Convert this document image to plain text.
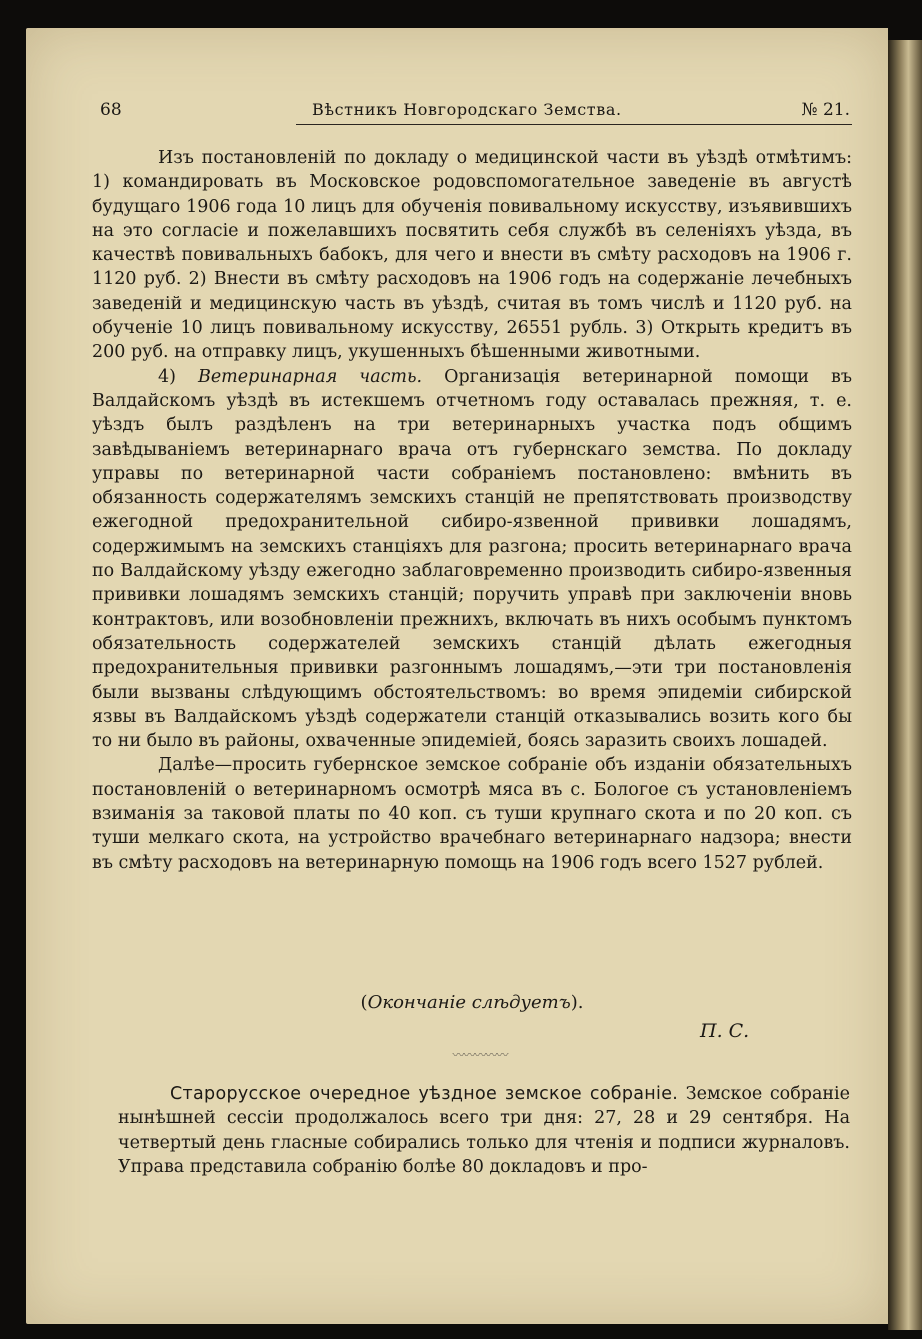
68	Вѣстникъ Новгородскаго Земства.	№ 21.

Изъ постановленій по докладу о медицинской части въ уѣздѣ отмѣтимъ: 1) командировать въ Московское родовспомогательное заведеніе въ августѣ будущаго 1906 года 10 лицъ для обученія повивальному искусству, изъявившихъ на это согласіе и пожелавшихъ посвятить себя службѣ въ селеніяхъ уѣзда, въ качествѣ повивальныхъ бабокъ, для чего и внести въ смѣту расходовъ на 1906 г. 1120 руб. 2) Внести въ смѣту расходовъ на 1906 годъ на содержаніе лечебныхъ заведеній и медицинскую часть въ уѣздѣ, считая въ томъ числѣ и 1120 руб. на обученіе 10 лицъ повивальному искусству, 26551 рубль. 3) Открыть кредитъ въ 200 руб. на отправку лицъ, укушенныхъ бѣшенными животными.

4) Ветеринарная часть. Организація ветеринарной помощи въ Валдайскомъ уѣздѣ въ истекшемъ отчетномъ году оставалась прежняя, т. е. уѣздъ былъ раздѣленъ на три ветеринарныхъ участка подъ общимъ завѣдываніемъ ветеринарнаго врача отъ губернскаго земства. По докладу управы по ветеринарной части собраніемъ постановлено: вмѣнить въ обязанность содержателямъ земскихъ станцій не препятствовать производству ежегодной предохранительной сибиро-язвенной прививки лошадямъ, содержимымъ на земскихъ станціяхъ для разгона; просить ветеринарнаго врача по Валдайскому уѣзду ежегодно заблаговременно производить сибиро-язвенныя прививки лошадямъ земскихъ станцій; поручить управѣ при заключеніи вновь контрактовъ, или возобновленіи прежнихъ, включать въ нихъ особымъ пунктомъ обязательность содержателей земскихъ станцій дѣлать ежегодныя предохранительныя прививки разгоннымъ лошадямъ,—эти три постановленія были вызваны слѣдующимъ обстоятельствомъ: во время эпидеміи сибирской язвы въ Валдайскомъ уѣздѣ содержатели станцій отказывались возить кого бы то ни было въ районы, охваченные эпидеміей, боясь заразить своихъ лошадей.

Далѣе—просить губернское земское собраніе объ изданіи обязательныхъ постановленій о ветеринарномъ осмотрѣ мяса въ с. Бологое съ установленіемъ взиманія за таковой платы по 40 коп. съ туши крупнаго скота и по 20 коп. съ туши мелкаго скота, на устройство врачебнаго ветеринарнаго надзора; внести въ смѣту расходовъ на ветеринарную помощь на 1906 годъ всего 1527 рублей.

(Окончаніе слѣдуетъ).
П. С.
〰〰〰〰〰

Старорусское очередное уѣздное земское собраніе. Земское собраніе нынѣшней сессіи продолжалось всего три дня: 27, 28 и 29 сентября. На четвертый день гласные собирались только для чтенія и подписи журналовъ. Управа представила собранію болѣе 80 докладовъ и про-
